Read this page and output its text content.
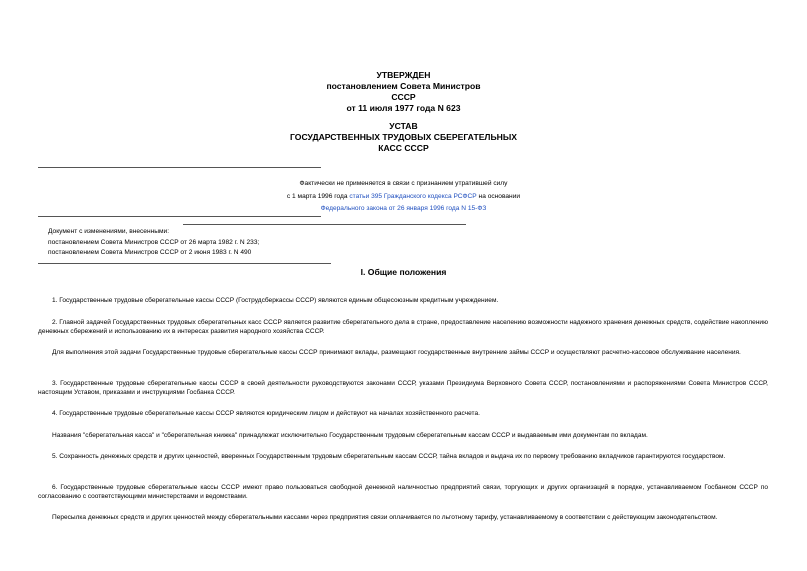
УТВЕРЖДЕН
постановлением Совета Министров
СССР
от 11 июля 1977 года N 623
УСТАВ
ГОСУДАРСТВЕННЫХ ТРУДОВЫХ СБЕРЕГАТЕЛЬНЫХ
КАСС СССР
Фактически не применяется в связи с признанием утратившей силу
с 1 марта 1996 года статьи 395 Гражданского кодекса РСФСР на основании
Федерального закона от 26 января 1996 года N 15-ФЗ
Документ с изменениями, внесенными:
постановлением Совета Министров СССР от 26 марта 1982 г. N 233;
постановлением Совета Министров СССР от 2 июня 1983 г. N 490
I. Общие положения
1. Государственные трудовые сберегательные кассы СССР (Гострудсберкассы СССР) являются единым общесоюзным кредитным учреждением.
2. Главной задачей Государственных трудовых сберегательных касс СССР является развитие сберегательного дела в стране, предоставление населению возможности надежного хранения денежных средств, содействие накоплению денежных сбережений и использованию их в интересах развития народного хозяйства СССР.
Для выполнения этой задачи Государственные трудовые сберегательные кассы СССР принимают вклады, размещают государственные внутренние займы СССР и осуществляют расчетно-кассовое обслуживание населения.
3. Государственные трудовые сберегательные кассы СССР в своей деятельности руководствуются законами СССР, указами Президиума Верховного Совета СССР, постановлениями и распоряжениями Совета Министров СССР, настоящим Уставом, приказами и инструкциями Госбанка СССР.
4. Государственные трудовые сберегательные кассы СССР являются юридическим лицом и действуют на началах хозяйственного расчета.
Названия "сберегательная касса" и "сберегательная книжка" принадлежат исключительно Государственным трудовым сберегательным кассам СССР и выдаваемым ими документам по вкладам.
5. Сохранность денежных средств и других ценностей, вверенных Государственным трудовым сберегательным кассам СССР, тайна вкладов и выдача их по первому требованию вкладчиков гарантируются государством.
6. Государственные трудовые сберегательные кассы СССР имеют право пользоваться свободной денежной наличностью предприятий связи, торгующих и других организаций в порядке, устанавливаемом Госбанком СССР по согласованию с соответствующими министерствами и ведомствами.
Пересылка денежных средств и других ценностей между сберегательными кассами через предприятия связи оплачивается по льготному тарифу, устанавливаемому в соответствии с действующим законодательством.
